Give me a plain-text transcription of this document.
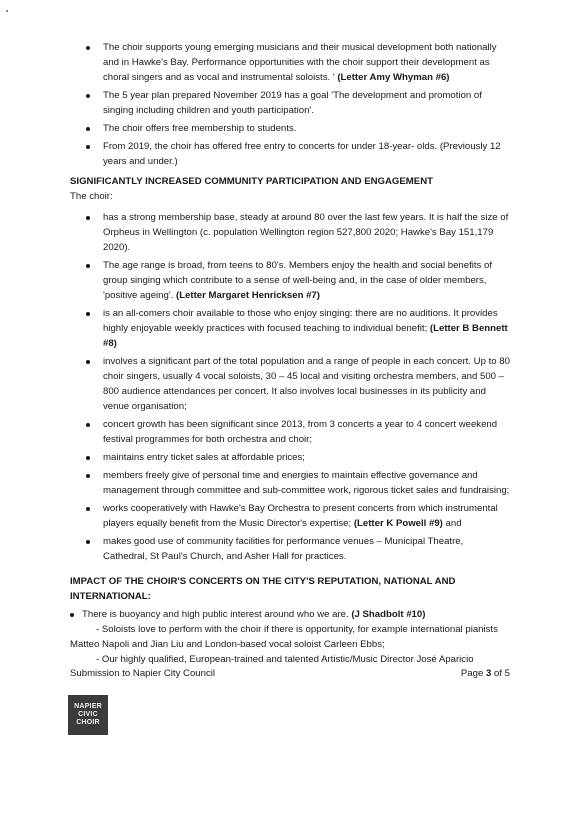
The choir supports young emerging musicians and their musical development both nationally and in Hawke's Bay. Performance opportunities with the choir support their development as choral singers and as vocal and instrumental soloists. ' (Letter Amy Whyman #6)
The 5 year plan prepared November 2019 has a goal 'The development and promotion of singing including children and youth participation'.
The choir offers free membership to students.
From 2019, the choir has offered free entry to concerts for under 18-year- olds. (Previously 12 years and under.)
SIGNIFICANTLY INCREASED COMMUNITY PARTICIPATION AND ENGAGEMENT
The choir:
has a strong membership base, steady at around 80 over the last few years. It is half the size of Orpheus in Wellington (c. population Wellington region 527,800 2020; Hawke's Bay 151,179 2020).
The age range is broad, from teens to 80's. Members enjoy the health and social benefits of group singing which contribute to a sense of well-being and, in the case of older members, 'positive ageing'. (Letter Margaret Henricksen #7)
is an all-comers choir available to those who enjoy singing: there are no auditions. It provides highly enjoyable weekly practices with focused teaching to individual benefit; (Letter B Bennett #8)
involves a significant part of the total population and a range of people in each concert. Up to 80 choir singers, usually 4 vocal soloists, 30 – 45 local and visiting orchestra members, and 500 – 800 audience attendances per concert. It also involves local businesses in its publicity and venue organisation;
concert growth has been significant since 2013, from 3 concerts a year to 4 concert weekend festival programmes for both orchestra and choir;
maintains entry ticket sales at affordable prices;
members freely give of personal time and energies to maintain effective governance and management through committee and sub-committee work, rigorous ticket sales and fundraising;
works cooperatively with Hawke's Bay Orchestra to present concerts from which instrumental players equally benefit from the Music Director's expertise; (Letter K Powell #9) and
makes good use of community facilities for performance venues – Municipal Theatre, Cathedral, St Paul's Church, and Asher Hall for practices.
IMPACT OF THE CHOIR'S CONCERTS ON THE CITY'S REPUTATION, NATIONAL AND INTERNATIONAL:
There is buoyancy and high public interest around who we are. (J Shadbolt #10)
- Soloists love to perform with the choir if there is opportunity, for example international pianists Matteo Napoli and Jian Liu and London-based vocal soloist Carleen Ebbs;
- Our highly qualified, European-trained and talented Artistic/Music Director José Aparicio
Submission to Napier City Council	Page 3 of 5
NAPIER
CIVIC
CHOIR
